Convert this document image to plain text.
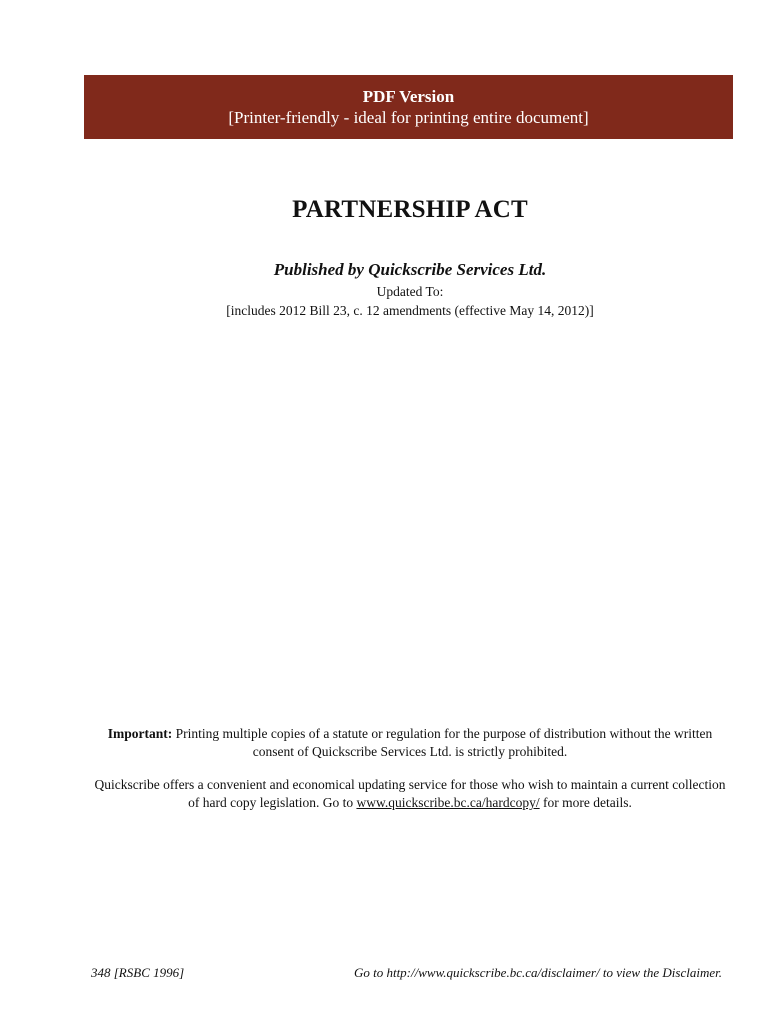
PDF Version
[Printer-friendly - ideal for printing entire document]
PARTNERSHIP ACT
Published by Quickscribe Services Ltd.
Updated To:
[includes 2012 Bill 23, c. 12 amendments (effective May 14, 2012)]
Important: Printing multiple copies of a statute or regulation for the purpose of distribution without the written consent of Quickscribe Services Ltd. is strictly prohibited.
Quickscribe offers a convenient and economical updating service for those who wish to maintain a current collection of hard copy legislation. Go to www.quickscribe.bc.ca/hardcopy/ for more details.
348 [RSBC 1996]	Go to http://www.quickscribe.bc.ca/disclaimer/ to view the Disclaimer.
